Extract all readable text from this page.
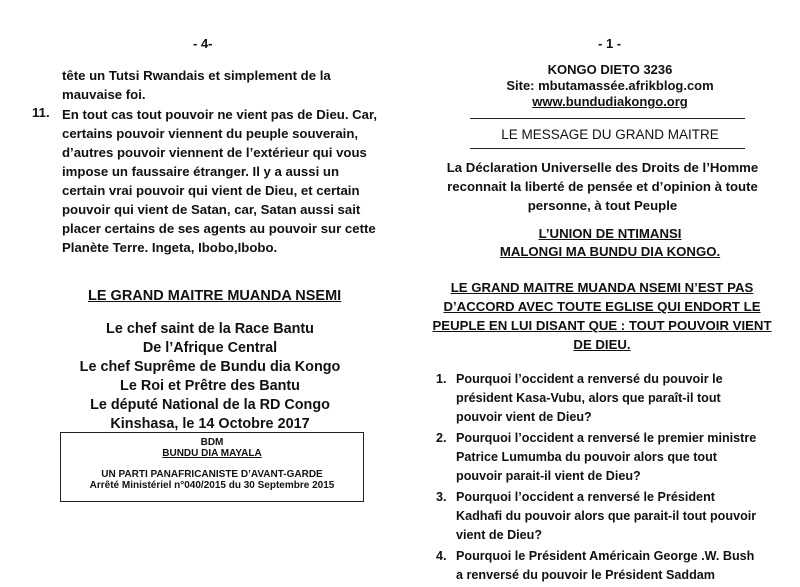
- 4-
tête un Tutsi Rwandais et simplement de la
mauvaise foi.
11. En tout cas tout pouvoir ne vient pas de Dieu. Car,
certains pouvoir viennent du peuple souverain,
d’autres pouvoir viennent de l’extérieur qui vous
impose un faussaire étranger. Il y a aussi un
certain vrai pouvoir qui vient de Dieu, et certain
pouvoir qui vient de Satan, car, Satan aussi sait
placer certains de ses agents au pouvoir sur cette
Planète Terre. Ingeta, Ibobo,Ibobo.
LE GRAND MAITRE MUANDA NSEMI
Le chef saint de la Race Bantu
De l’Afrique Central
Le chef Suprême de Bundu dia Kongo
Le Roi et Prêtre des Bantu
Le député National de la RD Congo
Kinshasa, le 14 Octobre 2017
BDM
BUNDU DIA MAYALA
UN PARTI PANAFRICANISTE D’AVANT-GARDE
Arrêté Ministériel n°040/2015 du 30 Septembre 2015
- 1 -
KONGO DIETO 3236
Site: mbutamassée.afrikblog.com
www.bundudiakongo.org
LE MESSAGE DU GRAND MAITRE
La Déclaration Universelle des Droits de l’Homme
reconnait la liberté de pensée et d’opinion à toute
personne, à tout Peuple
L’UNION DE NTIMANSI
MALONGI MA BUNDU DIA KONGO.
LE GRAND MAITRE MUANDA NSEMI N’EST PAS
D’ACCORD AVEC TOUTE EGLISE QUI ENDORT LE
PEUPLE EN LUI DISANT QUE : TOUT POUVOIR VIENT
DE DIEU.
1. Pourquoi l’occident a renversé du pouvoir le
président Kasa-Vubu, alors que paraît-il tout
pouvoir vient de Dieu?
2. Pourquoi l’occident a renversé le premier ministre
Patrice Lumumba du pouvoir alors que tout
pouvoir parait-il vient de Dieu?
3. Pourquoi l’occident a renversé le Président
Kadhafi du pouvoir alors que parait-il tout pouvoir
vient de Dieu?
4. Pourquoi le Président Américain George .W. Bush
a renversé du pouvoir le Président Saddam
